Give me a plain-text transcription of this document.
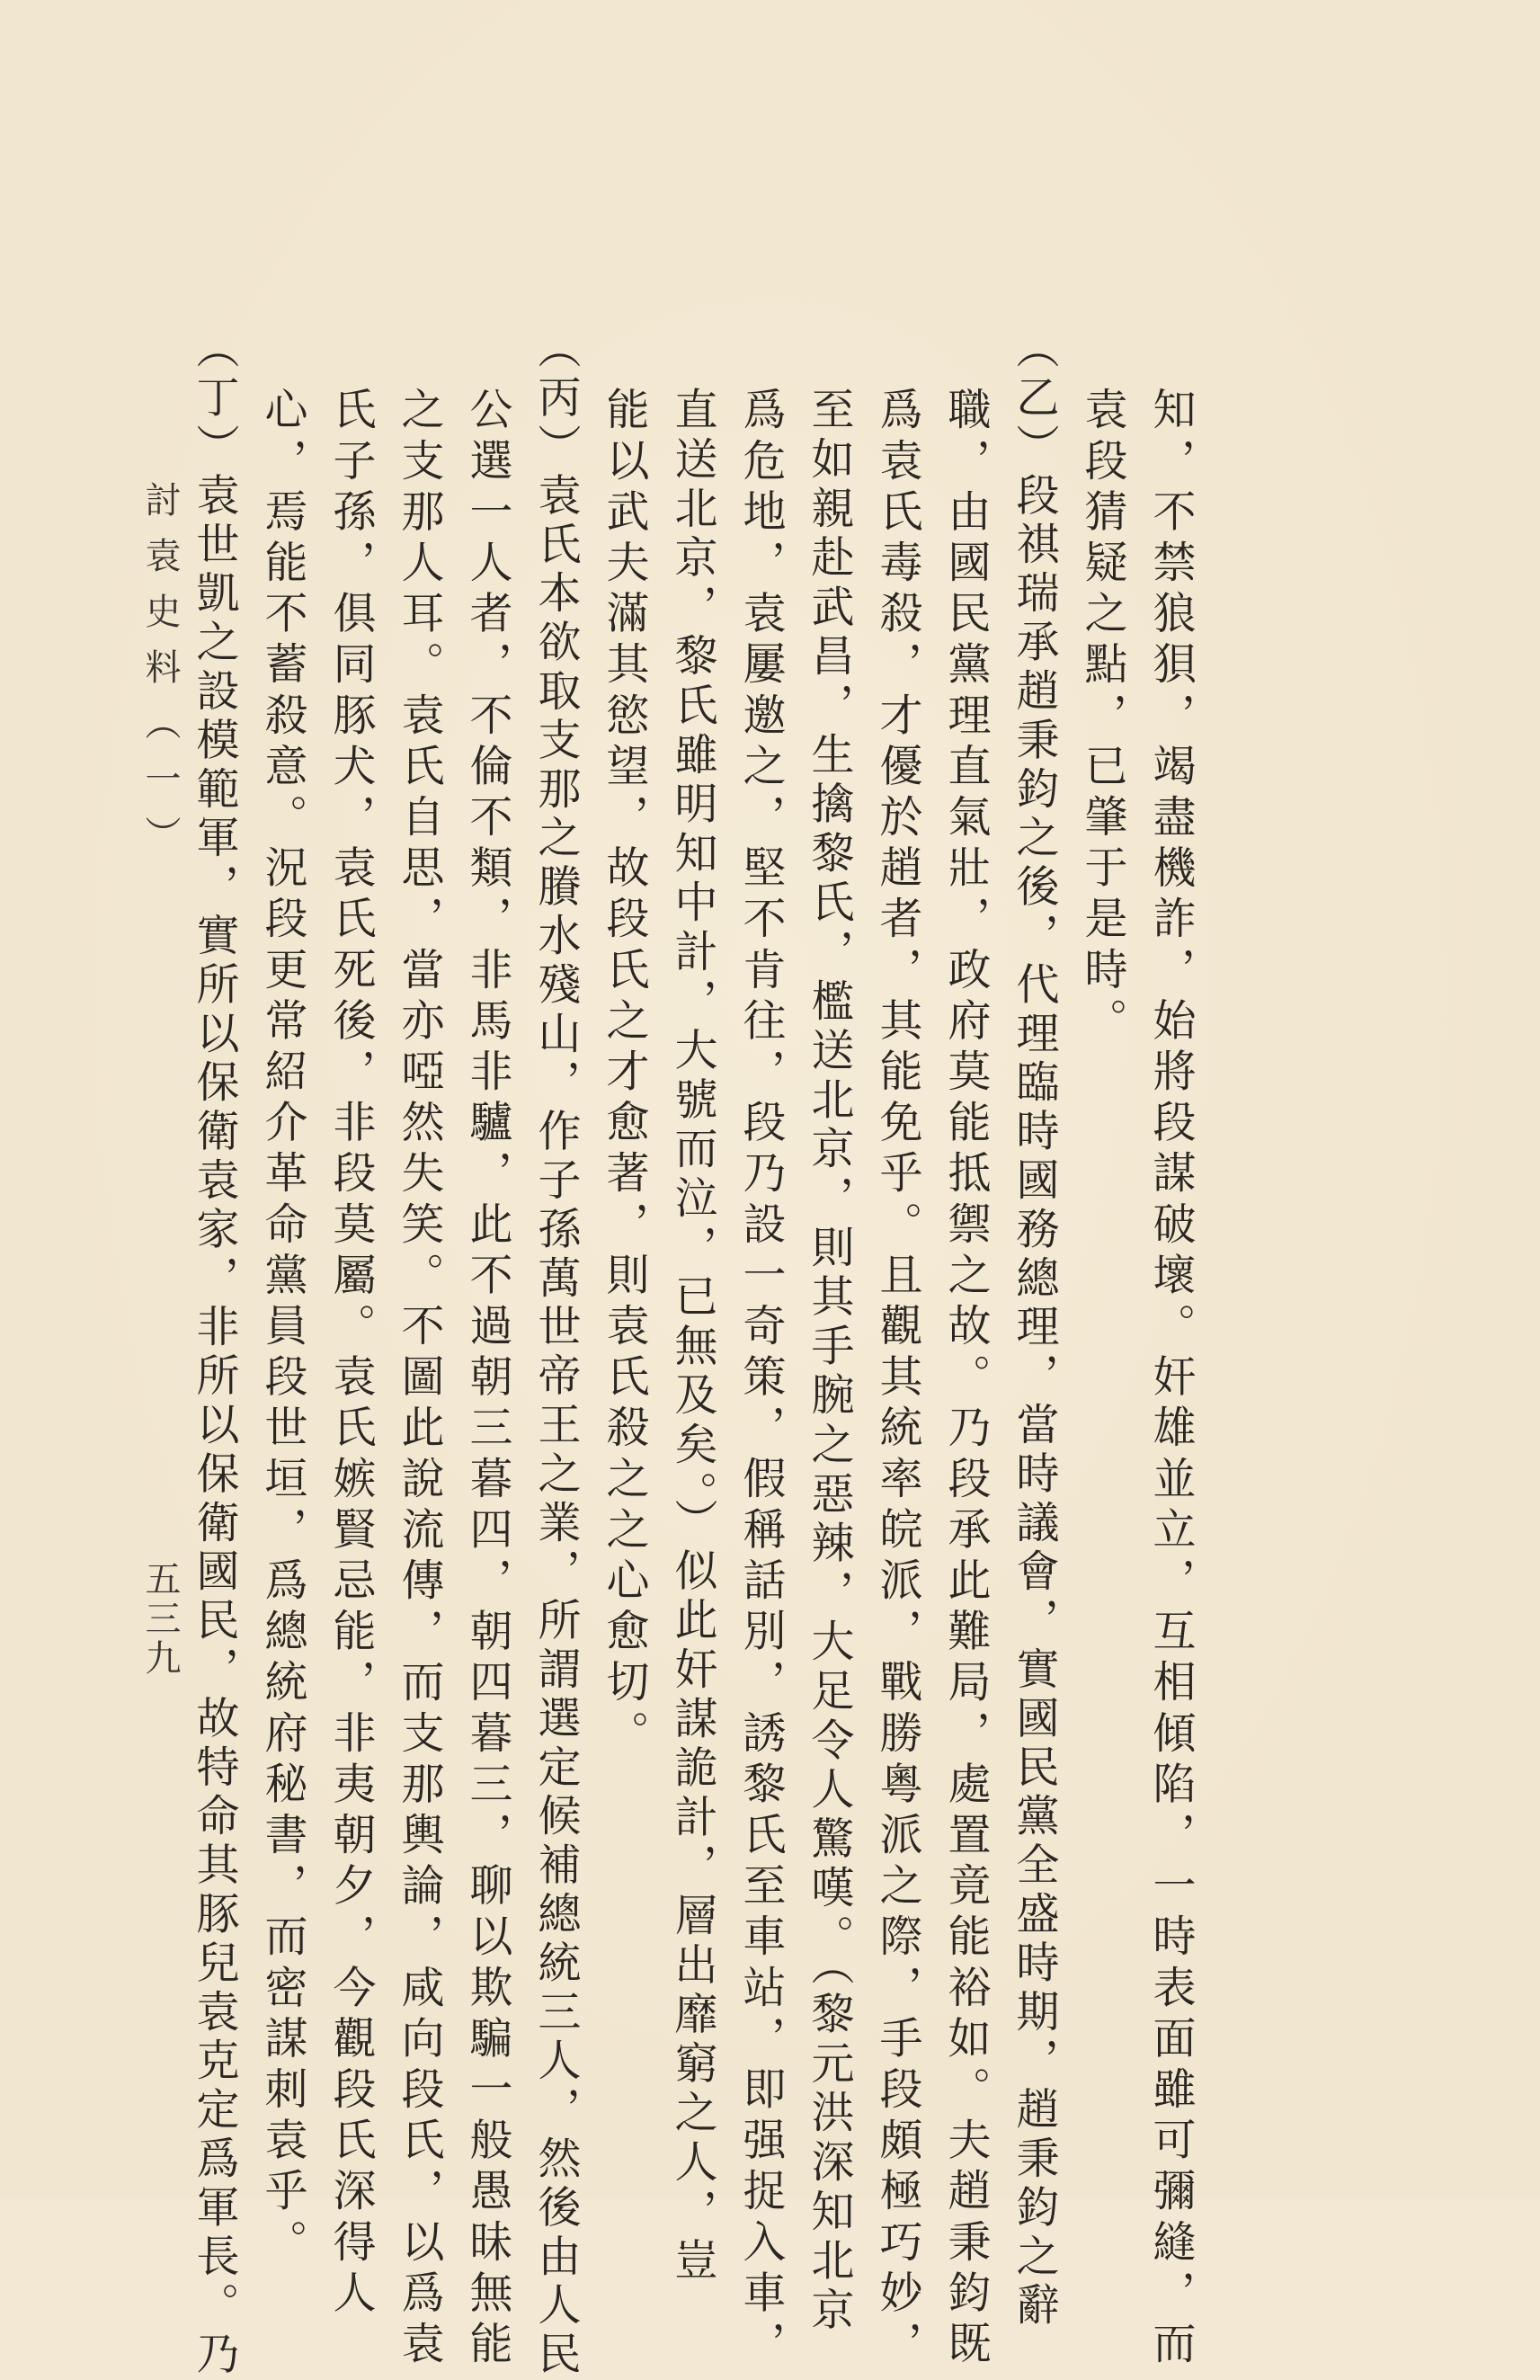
知，不禁狼狽，竭盡機詐，始將段謀破壞。奸雄並立，互相傾陷，一時表面雖可彌縫，而
袁段猜疑之點，已肇于是時。
（乙）段祺瑞承趙秉鈞之後，代理臨時國務總理，當時議會，實國民黨全盛時期，趙秉鈞之辭
職，由國民黨理直氣壯，政府莫能抵禦之故。乃段承此難局，處置竟能裕如。夫趙秉鈞既
爲袁氏毒殺，才優於趙者，其能免乎。且觀其統率皖派，戰勝粵派之際，手段頗極巧妙，
至如親赴武昌，生擒黎氏，檻送北京，則其手腕之惡辣，大足令人驚嘆。（黎元洪深知北京
爲危地，袁屢邀之，堅不肯往，段乃設一奇策，假稱話別，誘黎氏至車站，即强捉入車，
直送北京，黎氏雖明知中計，大號而泣，已無及矣。）似此奸謀詭計，層出靡窮之人，豈
能以武夫滿其慾望，故段氏之才愈著，則袁氏殺之之心愈切。
（丙）袁氏本欲取支那之賸水殘山，作子孫萬世帝王之業，所謂選定候補總統三人，然後由人民
公選一人者，不倫不類，非馬非驢，此不過朝三暮四，朝四暮三，聊以欺騙一般愚昧無能
之支那人耳。袁氏自思，當亦啞然失笑。不圖此說流傳，而支那輿論，咸向段氏，以爲袁
氏子孫，俱同豚犬，袁氏死後，非段莫屬。袁氏嫉賢忌能，非夷朝夕，今觀段氏深得人
心，焉能不蓄殺意。況段更常紹介革命黨員段世垣，爲總統府秘書，而密謀刺袁乎。
（丁）袁世凱之設模範軍，實所以保衛袁家，非所以保衛國民，故特命其豚兒袁克定爲軍長。乃
討袁史料（一）
五三九
